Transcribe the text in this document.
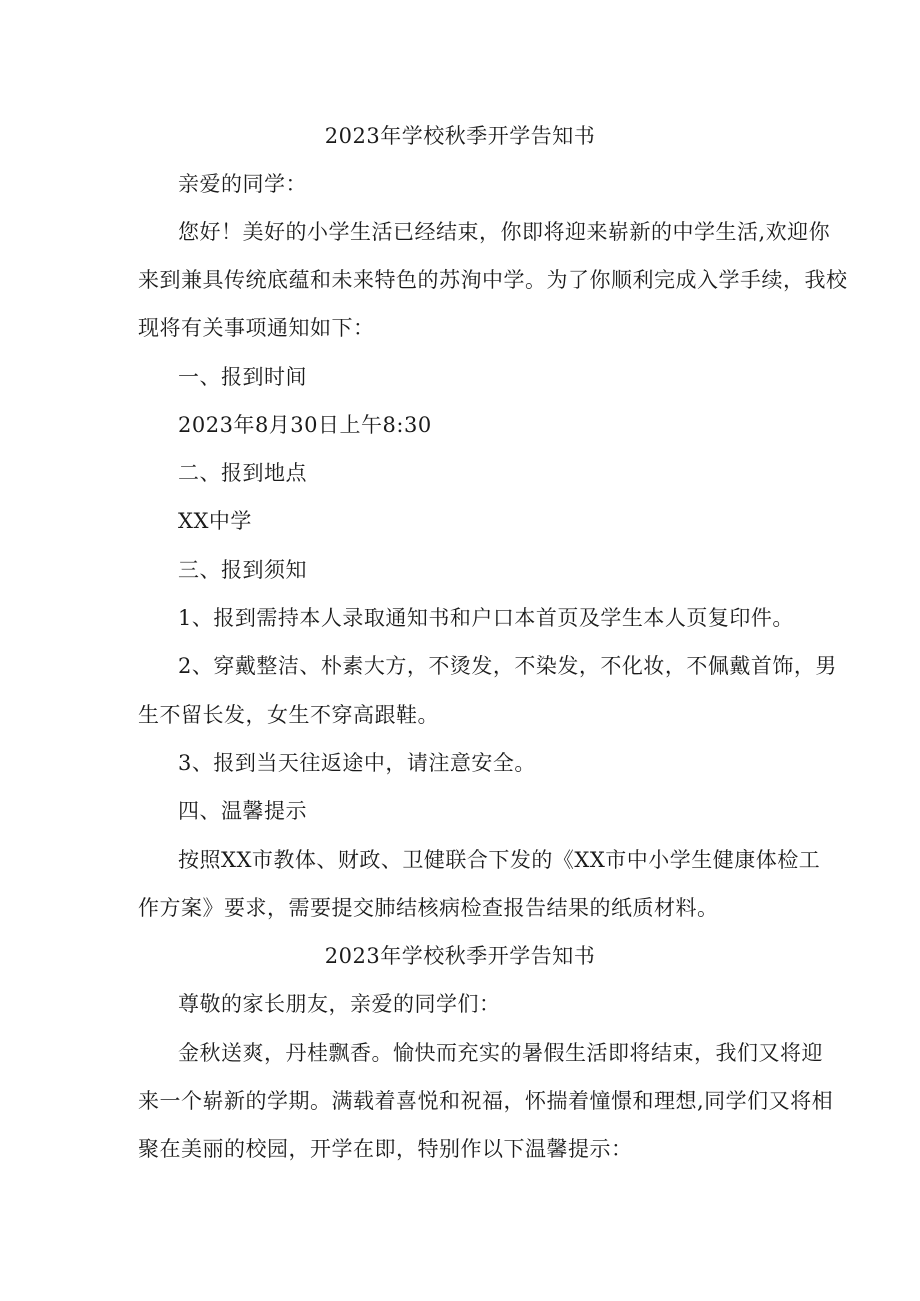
2023年学校秋季开学告知书
亲爱的同学：
您好！美好的小学生活已经结束，你即将迎来崭新的中学生活,欢迎你
来到兼具传统底蕴和未来特色的苏洵中学。为了你顺利完成入学手续，我校
现将有关事项通知如下：
一、报到时间
2023年8月30日上午8:30
二、报到地点
XX中学
三、报到须知
1、报到需持本人录取通知书和户口本首页及学生本人页复印件。
2、穿戴整洁、朴素大方，不烫发，不染发，不化妆，不佩戴首饰，男
生不留长发，女生不穿高跟鞋。
3、报到当天往返途中，请注意安全。
四、温馨提示
按照XX市教体、财政、卫健联合下发的《XX市中小学生健康体检工
作方案》要求，需要提交肺结核病检查报告结果的纸质材料。
2023年学校秋季开学告知书
尊敬的家长朋友，亲爱的同学们：
金秋送爽，丹桂飘香。愉快而充实的暑假生活即将结束，我们又将迎
来一个崭新的学期。满载着喜悦和祝福，怀揣着憧憬和理想,同学们又将相
聚在美丽的校园，开学在即，特别作以下温馨提示：
